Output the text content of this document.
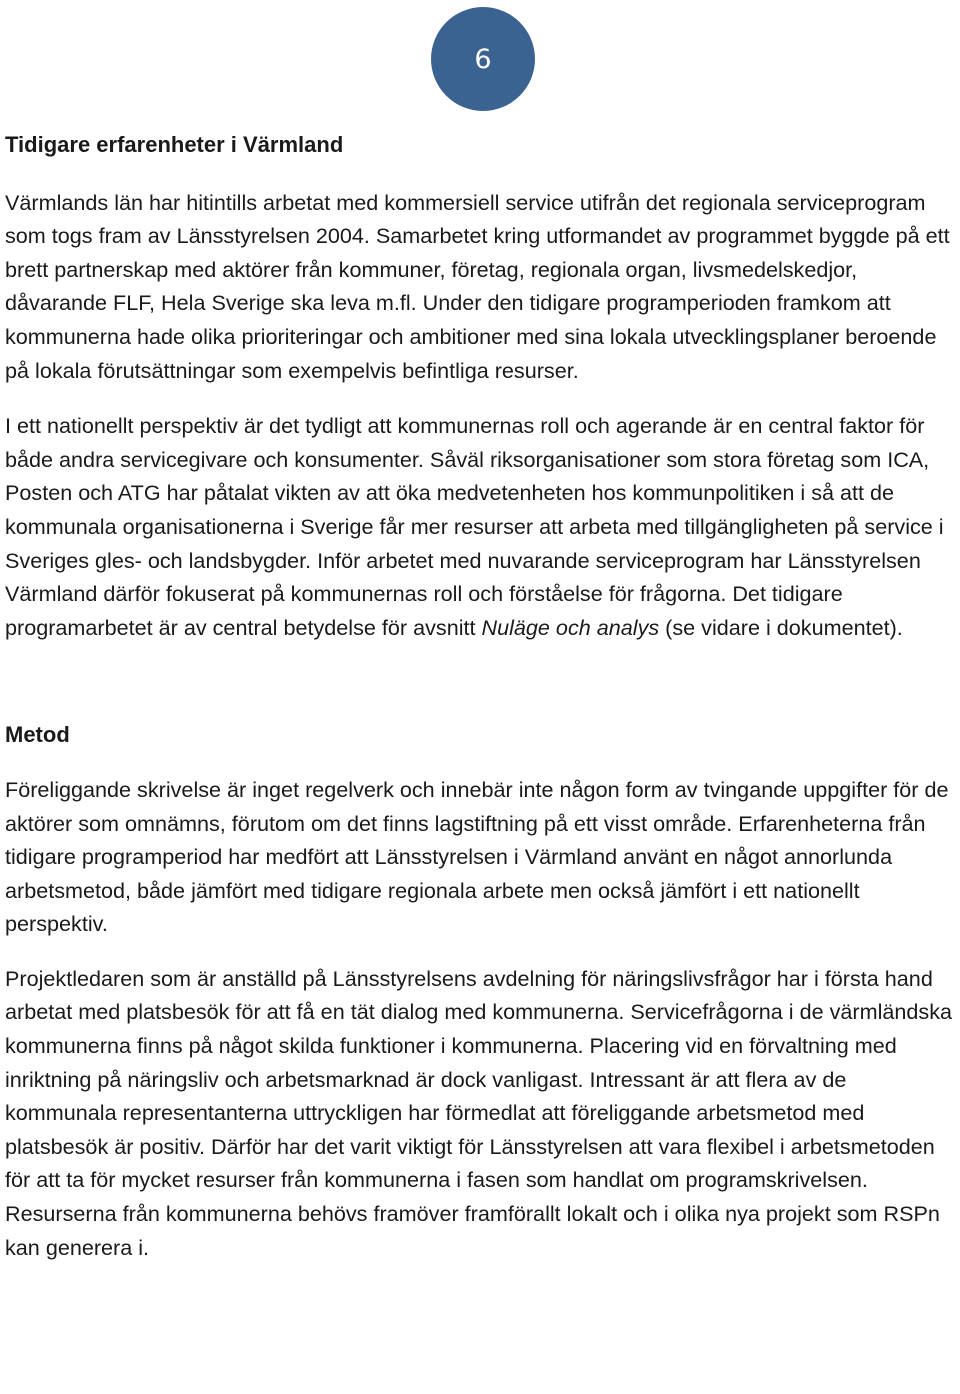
6
Tidigare erfarenheter i Värmland

Värmlands län har hitintills arbetat med kommersiell service utifrån det regionala serviceprogram som togs fram av Länsstyrelsen 2004. Samarbetet kring utformandet av programmet byggde på ett brett partnerskap med aktörer från kommuner, företag, regionala organ, livsmedelskedjor, dåvarande FLF, Hela Sverige ska leva m.fl. Under den tidigare programperioden framkom att kommunerna hade olika prioriteringar och ambitioner med sina lokala utvecklingsplaner beroende på lokala förutsättningar som exempelvis befintliga resurser.

I ett nationellt perspektiv är det tydligt att kommunernas roll och agerande är en central faktor för både andra servicegivare och konsumenter. Såväl riksorganisationer som stora företag som ICA, Posten och ATG har påtalat vikten av att öka medvetenheten hos kommunpolitiken i så att de kommunala organisationerna i Sverige får mer resurser att arbeta med tillgängligheten på service i Sveriges gles- och landsbygder. Inför arbetet med nuvarande serviceprogram har Länsstyrelsen Värmland därför fokuserat på kommunernas roll och förståelse för frågorna. Det tidigare programarbetet är av central betydelse för avsnitt Nuläge och analys (se vidare i dokumentet).

Metod

Föreliggande skrivelse är inget regelverk och innebär inte någon form av tvingande uppgifter för de aktörer som omnämns, förutom om det finns lagstiftning på ett visst område. Erfarenheterna från tidigare programperiod har medfört att Länsstyrelsen i Värmland använt en något annorlunda arbetsmetod, både jämfört med tidigare regionala arbete men också jämfört i ett nationellt perspektiv.

Projektledaren som är anställd på Länsstyrelsens avdelning för näringslivsfrågor har i första hand arbetat med platsbesök för att få en tät dialog med kommunerna. Servicefrågorna i de värmländska kommunerna finns på något skilda funktioner i kommunerna. Placering vid en förvaltning med inriktning på näringsliv och arbetsmarknad är dock vanligast. Intressant är att flera av de kommunala representanterna uttryckligen har förmedlat att föreliggande arbetsmetod med platsbesök är positiv. Därför har det varit viktigt för Länsstyrelsen att vara flexibel i arbetsmetoden för att ta för mycket resurser från kommunerna i fasen som handlat om programskrivelsen. Resurserna från kommunerna behövs framöver framförallt lokalt och i olika nya projekt som RSPn kan generera i.
